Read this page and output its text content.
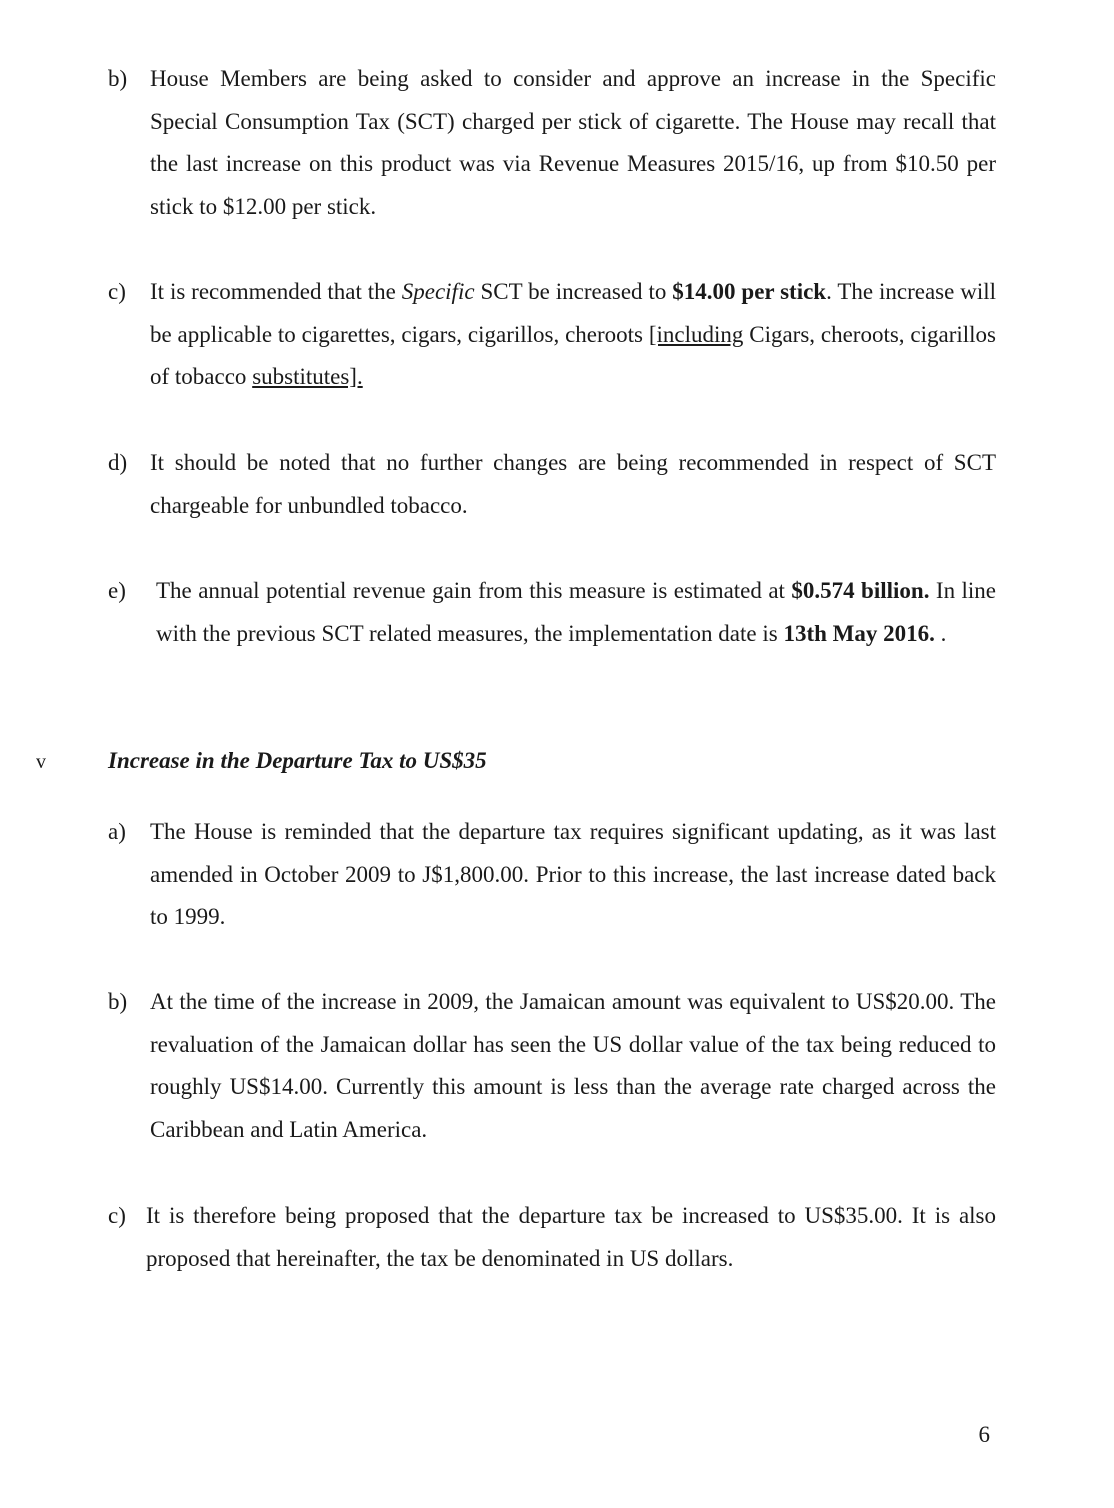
b) House Members are being asked to consider and approve an increase in the Specific Special Consumption Tax (SCT) charged per stick of cigarette. The House may recall that the last increase on this product was via Revenue Measures 2015/16, up from $10.50 per stick to $12.00 per stick.
c) It is recommended that the Specific SCT be increased to $14.00 per stick. The increase will be applicable to cigarettes, cigars, cigarillos, cheroots [including Cigars, cheroots, cigarillos of tobacco substitutes].
d) It should be noted that no further changes are being recommended in respect of SCT chargeable for unbundled tobacco.
e) The annual potential revenue gain from this measure is estimated at $0.574 billion. In line with the previous SCT related measures, the implementation date is 13th May 2016. .
v	Increase in the Departure Tax to US$35
a) The House is reminded that the departure tax requires significant updating, as it was last amended in October 2009 to J$1,800.00. Prior to this increase, the last increase dated back to 1999.
b) At the time of the increase in 2009, the Jamaican amount was equivalent to US$20.00. The revaluation of the Jamaican dollar has seen the US dollar value of the tax being reduced to roughly US$14.00. Currently this amount is less than the average rate charged across the Caribbean and Latin America.
c) It is therefore being proposed that the departure tax be increased to US$35.00. It is also proposed that hereinafter, the tax be denominated in US dollars.
6
